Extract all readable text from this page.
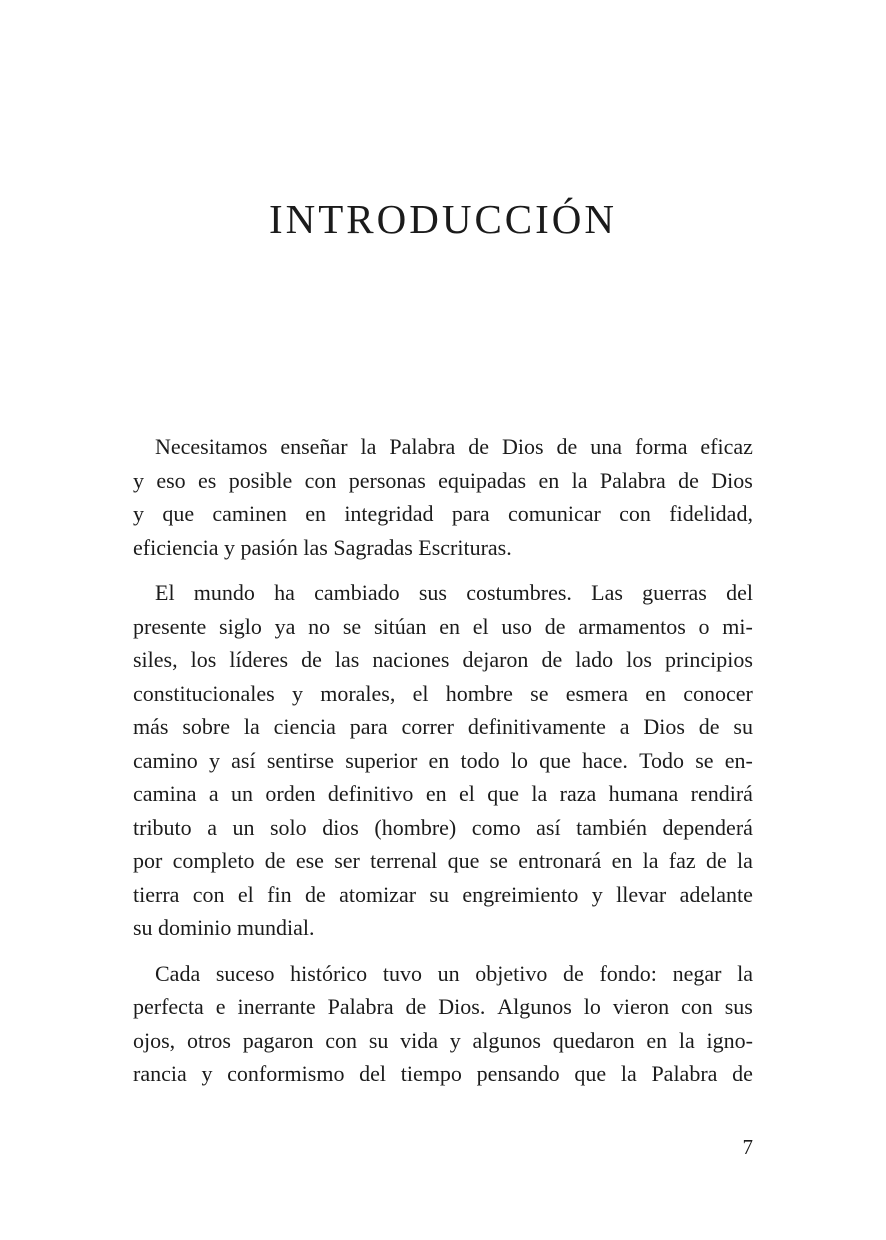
INTRODUCCIÓN
Necesitamos enseñar la Palabra de Dios de una forma eficaz
y eso es posible con personas equipadas en la Palabra de Dios
y que caminen en integridad para comunicar con fidelidad,
eficiencia y pasión las Sagradas Escrituras.
El mundo ha cambiado sus costumbres. Las guerras del
presente siglo ya no se sitúan en el uso de armamentos o mi-
siles, los líderes de las naciones dejaron de lado los principios
constitucionales y morales, el hombre se esmera en conocer
más sobre la ciencia para correr definitivamente a Dios de su
camino y así sentirse superior en todo lo que hace. Todo se en-
camina a un orden definitivo en el que la raza humana rendirá
tributo a un solo dios (hombre) como así también dependerá
por completo de ese ser terrenal que se entronará en la faz de la
tierra con el fin de atomizar su engreimiento y llevar adelante
su dominio mundial.
Cada suceso histórico tuvo un objetivo de fondo: negar la
perfecta e inerrante Palabra de Dios. Algunos lo vieron con sus
ojos, otros pagaron con su vida y algunos quedaron en la igno-
rancia y conformismo del tiempo pensando que la Palabra de
7
